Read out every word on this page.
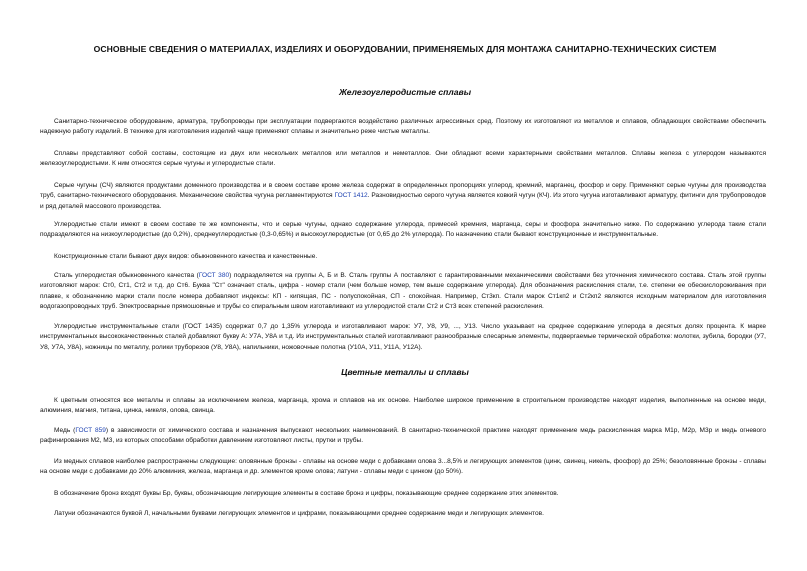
ОСНОВНЫЕ СВЕДЕНИЯ О МАТЕРИАЛАХ, ИЗДЕЛИЯХ И ОБОРУДОВАНИИ, ПРИМЕНЯЕМЫХ ДЛЯ МОНТАЖА САНИТАРНО-ТЕХНИЧЕСКИХ СИСТЕМ
Железоуглеродистые сплавы

Санитарно-техническое оборудование, арматура, трубопроводы при эксплуатации подвергаются воздействию различных агрессивных сред. Поэтому их изготовляют из металлов и сплавов, обладающих свойствами обеспечить надежную работу изделий. В технике для изготовления изделий чаще применяют сплавы и значительно реже чистые металлы.

Сплавы представляют собой составы, состоящие из двух или нескольких металлов или металлов и неметаллов. Они обладают всеми характерными свойствами металлов. Сплавы железа с углеродом называются железоуглеродистыми. К ним относятся серые чугуны и углеродистые стали.

Серые чугуны (СЧ) являются продуктами доменного производства и в своем составе кроме железа содержат в определенных пропорциях углерод, кремний, марганец, фосфор и серу. Применяют серые чугуны для производства труб, санитарно-технического оборудования. Механические свойства чугуна регламентируются ГОСТ 1412. Разновидностью серого чугуна является ковкий чугун (КЧ). Из этого чугуна изготавливают арматуру, фитинги для трубопроводов и ряд деталей массового производства.

Углеродистые стали имеют в своем составе те же компоненты, что и серые чугуны, однако содержание углерода, примесей кремния, марганца, серы и фосфора значительно ниже. По содержанию углерода такие стали подразделяются на низкоуглеродистые (до 0,2%), среднеуглеродистые (0,3-0,65%) и высокоуглеродистые (от 0,65 до 2% углерода). По назначению стали бывают конструкционные и инструментальные.

Конструкционные стали бывают двух видов: обыкновенного качества и качественные.

Сталь углеродистая обыкновенного качества (ГОСТ 380) подразделяется на группы А, Б и В. Сталь группы А поставляют с гарантированными механическими свойствами без уточнения химического состава. Сталь этой группы изготовляют марок: Ст0, Ст1, Ст2 и т.д. до Ст6. Буква "Ст" означает сталь, цифра - номер стали (чем больше номер, тем выше содержание углерода). Для обозначения раскисления стали, т.е. степени ее обескислороживания при плавке, к обозначению марки стали после номера добавляют индексы: КП - кипящая, ПС - полуспокойная, СП - спокойная. Например, Ст3кп. Стали марок Ст1кп2 и Ст2кп2 являются исходным материалом для изготовления водогазопроводных труб. Электросварные прямошовные и трубы со спиральным швом изготавливают из углеродистой стали Ст2 и Ст3 всех степеней раскисления.

Углеродистые инструментальные стали (ГОСТ 1435) содержат 0,7 до 1,35% углерода и изготавливают марок: У7, У8, У9, ..., У13. Число указывает на среднее содержание углерода в десятых долях процента. К марке инструментальных высококачественных сталей добавляют букву А: У7А, У8А и т.д. Из инструментальных сталей изготавливают разнообразные слесарные элементы, подвергаемые термической обработке: молотки, зубила, бородки (У7, У8, У7А, У8А), ножницы по металлу, ролики труборезов (У8, У8А), напильники, ножовочные полотна (У10А, У11, У11А, У12А).

Цветные металлы и сплавы

К цветным относятся все металлы и сплавы за исключением железа, марганца, хрома и сплавов на их основе. Наиболее широкое применение в строительном производстве находят изделия, выполненные на основе меди, алюминия, магния, титана, цинка, никеля, олова, свинца.

Медь (ГОСТ 859) в зависимости от химического состава и назначения выпускают нескольких наименований. В санитарно-технической практике находят применение медь раскисленная марка М1р, М2р, М3р и медь огневого рафинирования М2, М3, из которых способами обработки давлением изготовляют листы, прутки и трубы.

Из медных сплавов наиболее распространены следующие: оловянные бронзы - сплавы на основе меди с добавками олова 3...8,5% и легирующих элементов (цинк, свинец, никель, фосфор) до 25%; безоловянные бронзы - сплавы на основе меди с добавками до 20% алюминия, железа, марганца и др. элементов кроме олова; латуни - сплавы меди с цинком (до 50%).

В обозначение бронз входят буквы Бр, буквы, обозначающие легирующие элементы в составе бронз и цифры, показывающие среднее содержание этих элементов.

Латуни обозначаются буквой Л, начальными буквами легирующих элементов и цифрами, показывающими среднее содержание меди и легирующих элементов.
